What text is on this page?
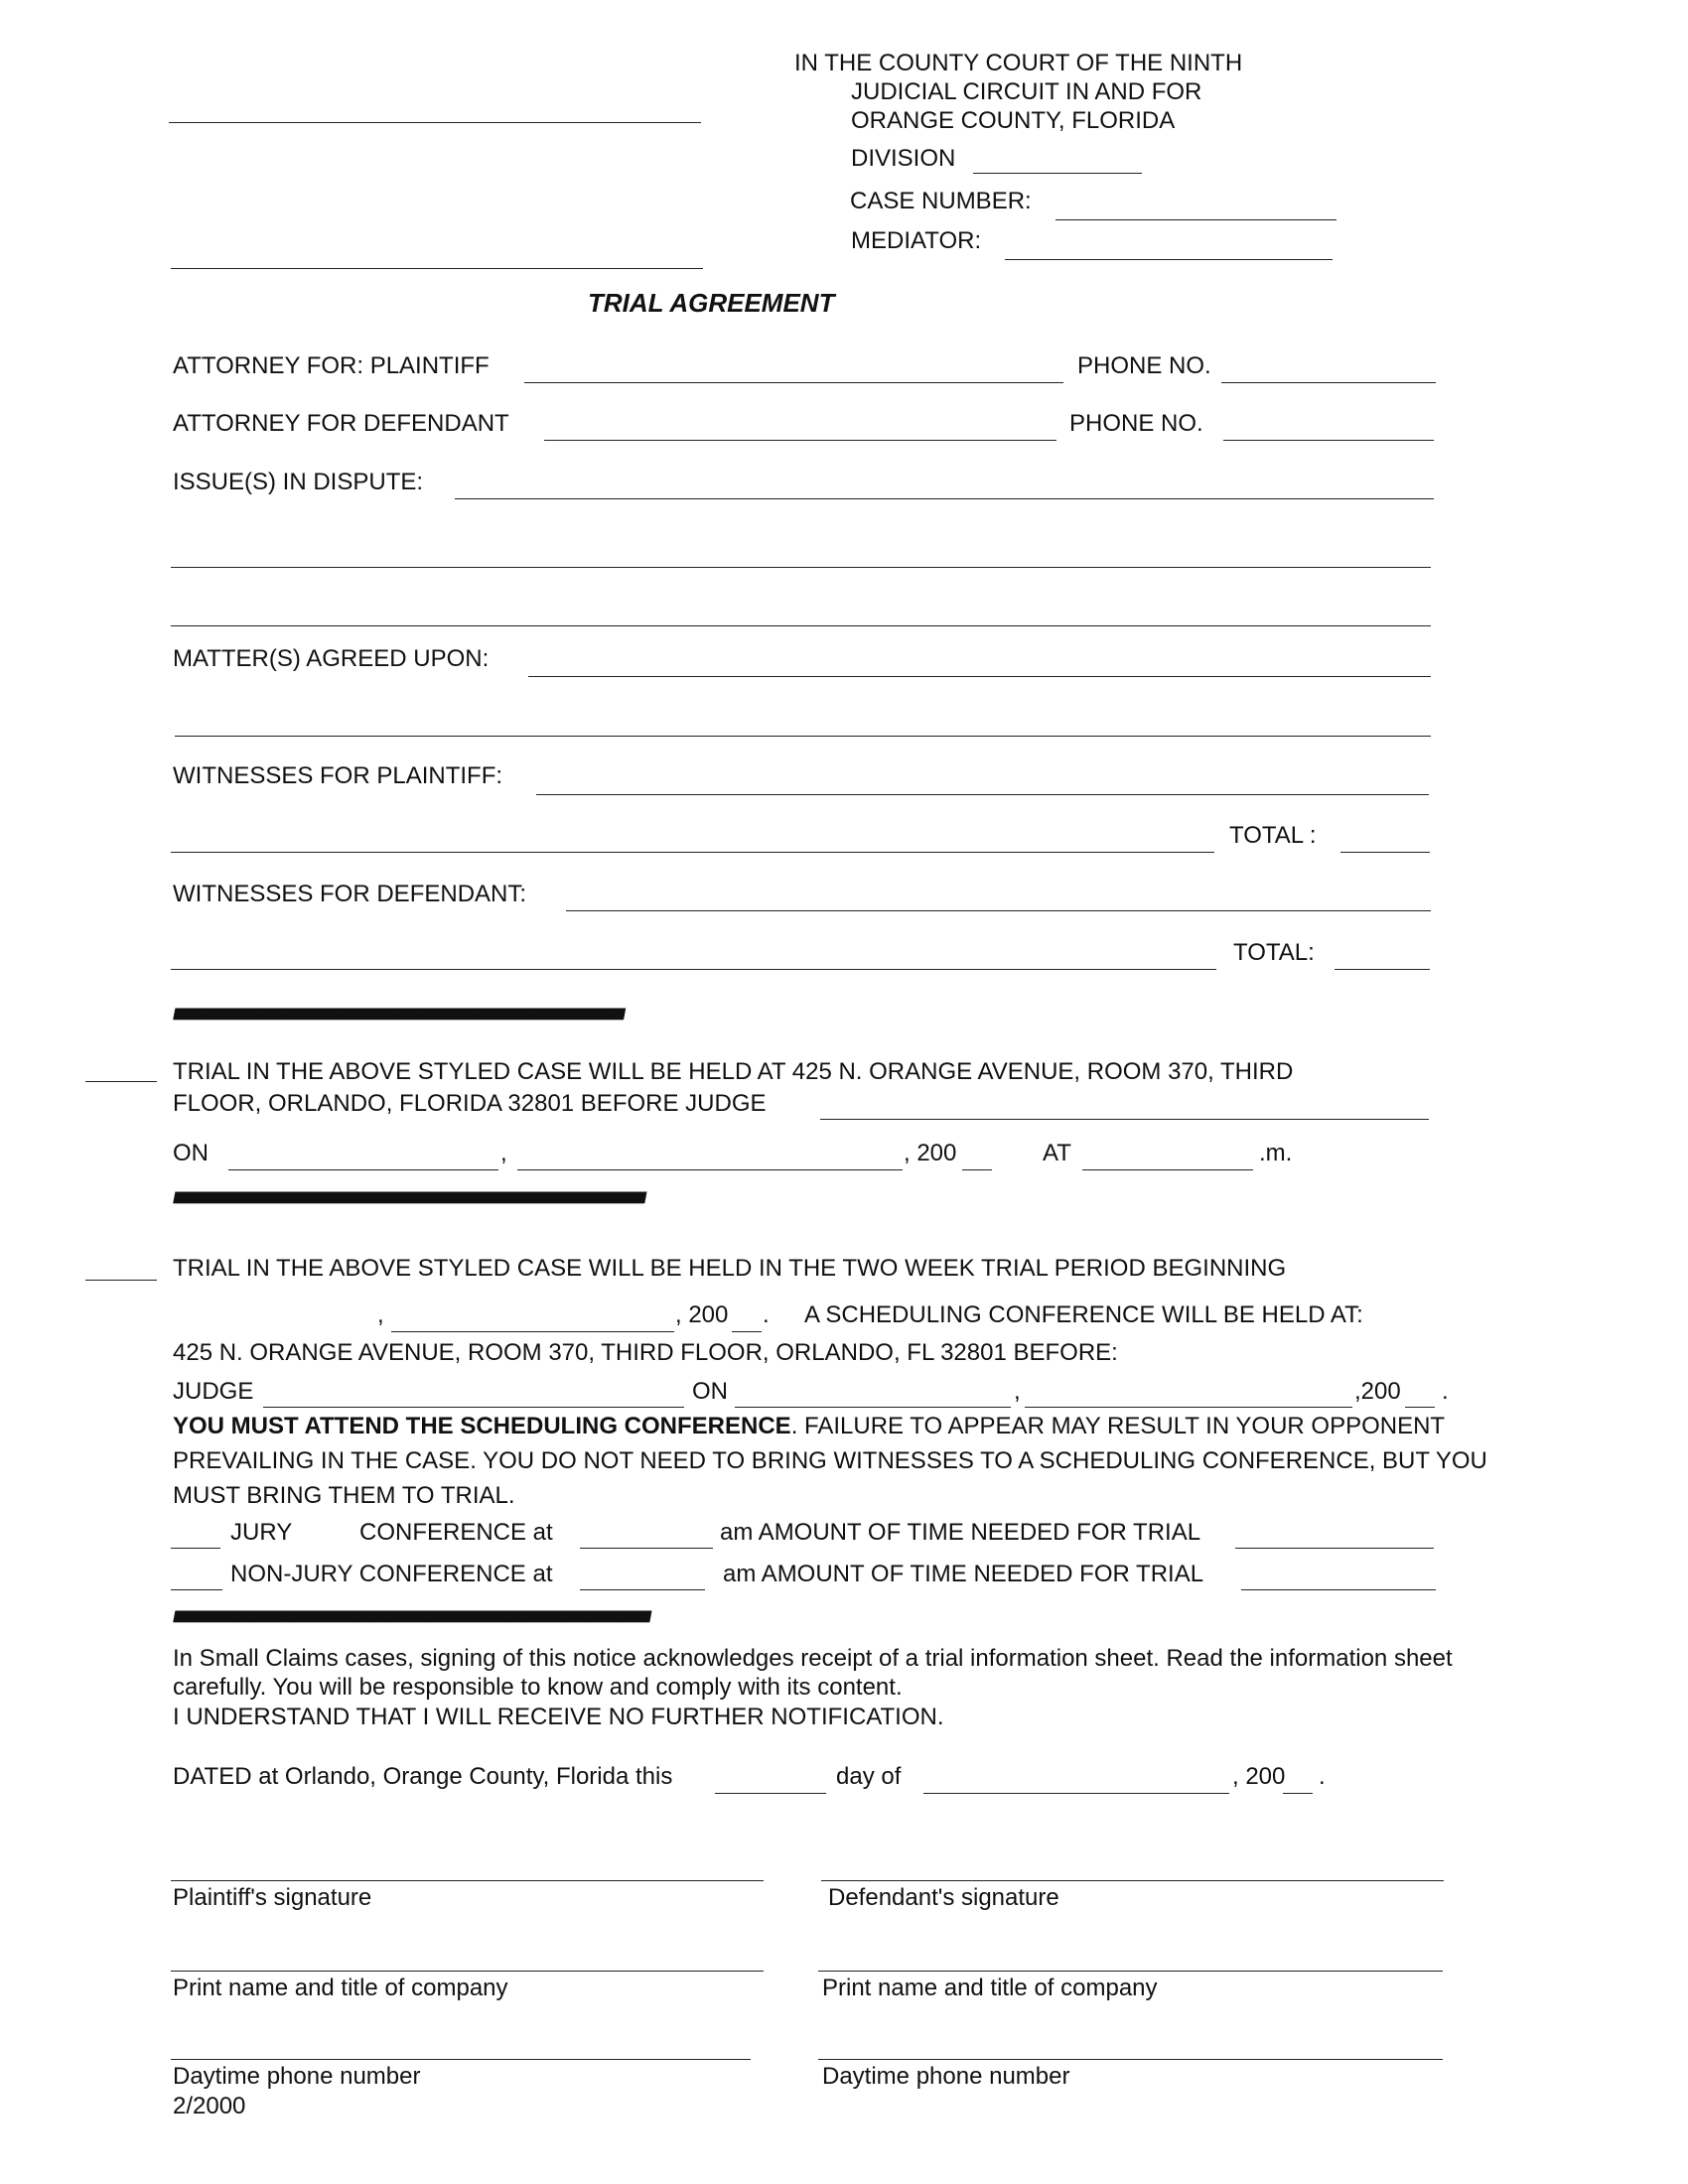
IN THE COUNTY COURT OF THE NINTH
JUDICIAL CIRCUIT IN AND FOR
ORANGE COUNTY, FLORIDA
DIVISION
CASE NUMBER:
MEDIATOR:
TRIAL AGREEMENT
ATTORNEY FOR: PLAINTIFF	PHONE NO.
ATTORNEY FOR DEFENDANT	PHONE NO.
ISSUE(S) IN DISPUTE:
MATTER(S) AGREED UPON:
WITNESSES FOR PLAINTIFF:
TOTAL :
WITNESSES FOR DEFENDANT:
TOTAL:
////////////////////////////////////////////////////////////////////////////////////////////////////////////////////////////////////////////////////////////////////////////////////////////////////////////////////////////////////////////////////////////////////////////////////////////////////////////////////////////////////////////////////////////////////////////
TRIAL IN THE ABOVE STYLED CASE WILL BE HELD AT 425 N. ORANGE AVENUE, ROOM 370, THIRD
FLOOR, ORLANDO, FLORIDA 32801 BEFORE JUDGE
ON	,	, 200	AT	.m.
/////////////////////////////////////////////////////////////////////////////////////////////////////////////////////////////////////////////////////////////////////////////////////////////////////////////////////////////////////////////////////////////////////////////////////////////////////////////////////////////////////////////////////////////////////////////////////////////
TRIAL IN THE ABOVE STYLED CASE WILL BE HELD IN THE TWO WEEK TRIAL PERIOD BEGINNING
,	, 200 . A SCHEDULING CONFERENCE WILL BE HELD AT:
425 N. ORANGE AVENUE, ROOM 370, THIRD FLOOR, ORLANDO, FL 32801 BEFORE:
JUDGE	ON	,	,200 .
YOU MUST ATTEND THE SCHEDULING CONFERENCE. FAILURE TO APPEAR MAY RESULT IN YOUR OPPONENT PREVAILING IN THE CASE. YOU DO NOT NEED TO BRING WITNESSES TO A SCHEDULING CONFERENCE, BUT YOU MUST BRING THEM TO TRIAL.
JURY	CONFERENCE at	am AMOUNT OF TIME NEEDED FOR TRIAL
NON-JURY CONFERENCE at	am AMOUNT OF TIME NEEDED FOR TRIAL
/////////////////////////////////////////////////////////////////////////////////////////////////////////////////////////////////////////////////////////////////////////////////////////////////////////////////////////////////////////////////////////////////////////////////////////////////////////////////////////////////////////////////////////////////////////////////////////////////
In Small Claims cases, signing of this notice acknowledges receipt of a trial information sheet. Read the information sheet carefully. You will be responsible to know and comply with its content.
I UNDERSTAND THAT I WILL RECEIVE NO FURTHER NOTIFICATION.
DATED at Orlando, Orange County, Florida this	day of	, 200 .
Plaintiff's signature	Defendant's signature
Print name and title of company	Print name and title of company
Daytime phone number	Daytime phone number
2/2000
